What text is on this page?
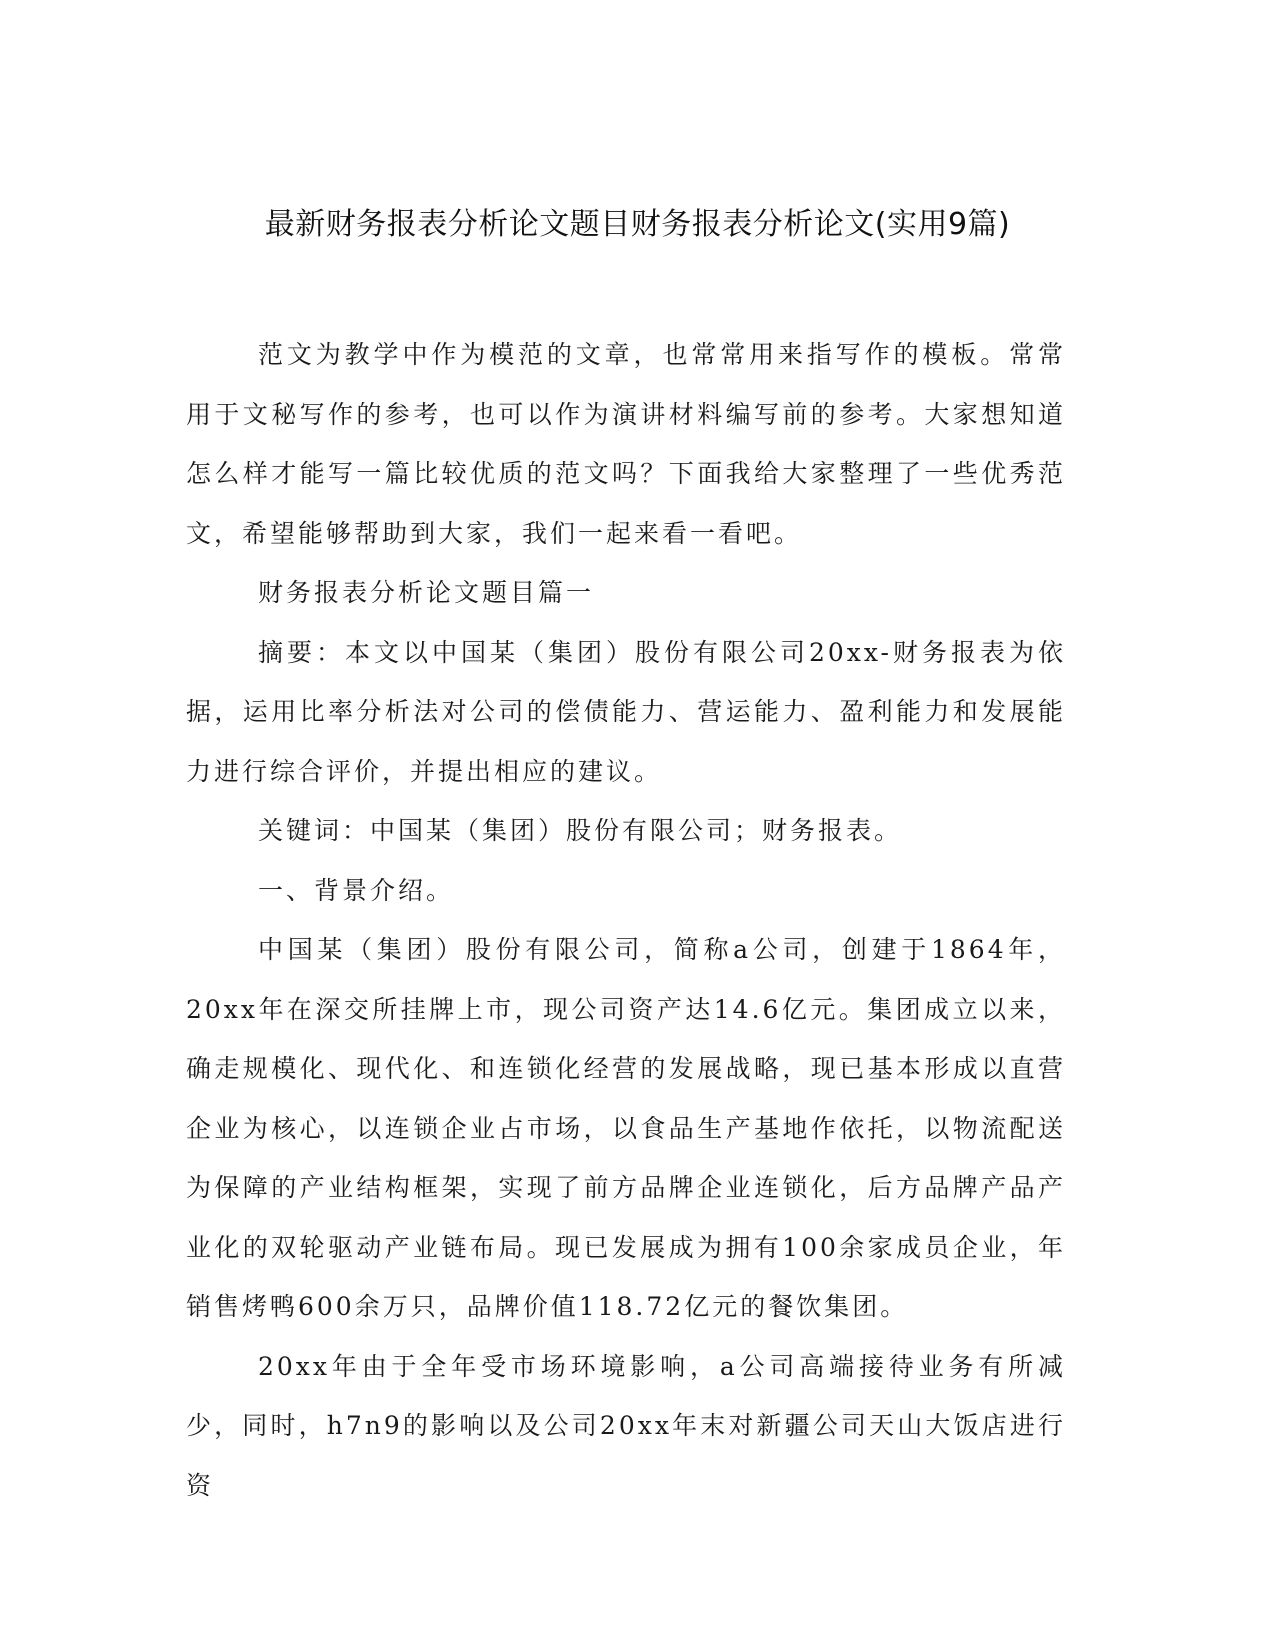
最新财务报表分析论文题目财务报表分析论文(实用9篇)

范文为教学中作为模范的文章，也常常用来指写作的模板。常常用于文秘写作的参考，也可以作为演讲材料编写前的参考。大家想知道怎么样才能写一篇比较优质的范文吗？下面我给大家整理了一些优秀范文，希望能够帮助到大家，我们一起来看一看吧。

财务报表分析论文题目篇一

摘要：本文以中国某（集团）股份有限公司20xx-财务报表为依据，运用比率分析法对公司的偿债能力、营运能力、盈利能力和发展能力进行综合评价，并提出相应的建议。

关键词：中国某（集团）股份有限公司；财务报表。

一、背景介绍。

中国某（集团）股份有限公司，简称a公司，创建于1864年，20xx年在深交所挂牌上市，现公司资产达14.6亿元。集团成立以来，确走规模化、现代化、和连锁化经营的发展战略，现已基本形成以直营企业为核心，以连锁企业占市场，以食品生产基地作依托，以物流配送为保障的产业结构框架，实现了前方品牌企业连锁化，后方品牌产品产业化的双轮驱动产业链布局。现已发展成为拥有100余家成员企业，年销售烤鸭600余万只，品牌价值118.72亿元的餐饮集团。

20xx年由于全年受市场环境影响，a公司高端接待业务有所减少，同时，h7n9的影响以及公司20xx年末对新疆公司天山大饭店进行资
